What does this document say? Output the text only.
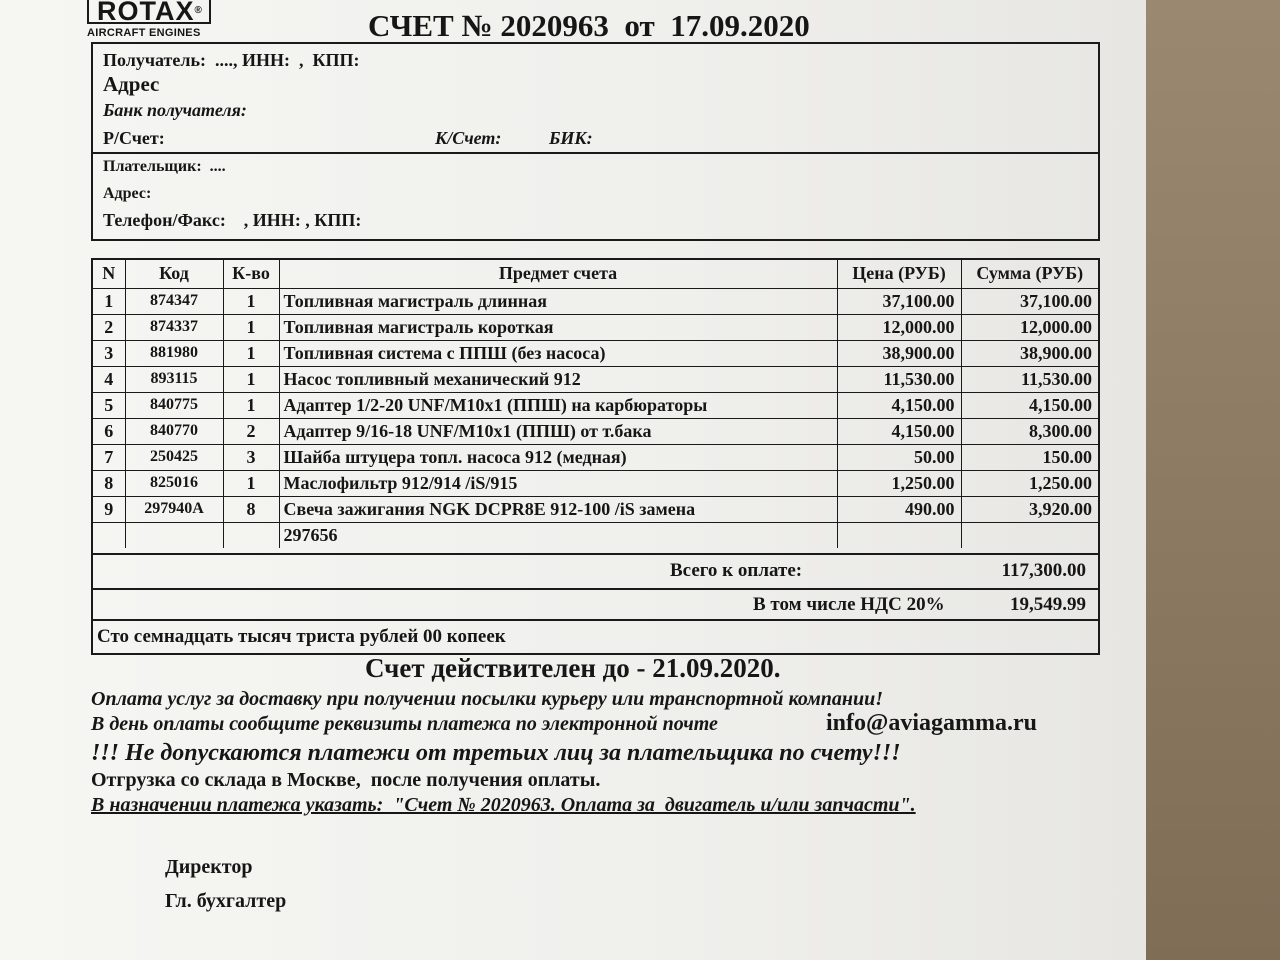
ROTAX®
AIRCRAFT ENGINES	СЧЕТ № 2020963  от  17.09.2020
Получатель:  ...., ИНН:  ,  КПП:
Адрес
Банк получателя:
Р/Счет:	К/Счет:	БИК:
Плательщик:  ....
Адрес:
Телефон/Факс:    , ИНН: , КПП:
N	Код	К-во	Предмет счета	Цена (РУБ)	Сумма (РУБ)
1	874347	1	Топливная магистраль длинная	37,100.00	37,100.00
2	874337	1	Топливная магистраль короткая	12,000.00	12,000.00
3	881980	1	Топливная система с ППШ (без насоса)	38,900.00	38,900.00
4	893115	1	Насос топливный механический 912	11,530.00	11,530.00
5	840775	1	Адаптер 1/2-20 UNF/M10x1 (ППШ) на карбюраторы	4,150.00	4,150.00
6	840770	2	Адаптер 9/16-18 UNF/M10x1 (ППШ) от т.бака	4,150.00	8,300.00
7	250425	3	Шайба штуцера топл. насоса 912 (медная)	50.00	150.00
8	825016	1	Маслофильтр 912/914 /iS/915	1,250.00	1,250.00
9	297940A	8	Свеча зажигания NGK DCPR8E 912-100 /iS замена	490.00	3,920.00
			297656		
Всего к оплате:	117,300.00
В том числе НДС 20%	19,549.99
Сто семнадцать тысяч триста рублей 00 копеек
Счет действителен до - 21.09.2020.
Оплата услуг за доставку при получении посылки курьеру или транспортной компании!
В день оплаты сообщите реквизиты платежа по электронной почте	info@aviagamma.ru
!!! Не допускаются платежи от третьих лиц за плательщика по счету!!!
Отгрузка со склада в Москве,  после получения оплаты.
В назначении платежа указать:  "Счет № 2020963. Оплата за  двигатель и/или запчасти".
Директор
Гл. бухгалтер
